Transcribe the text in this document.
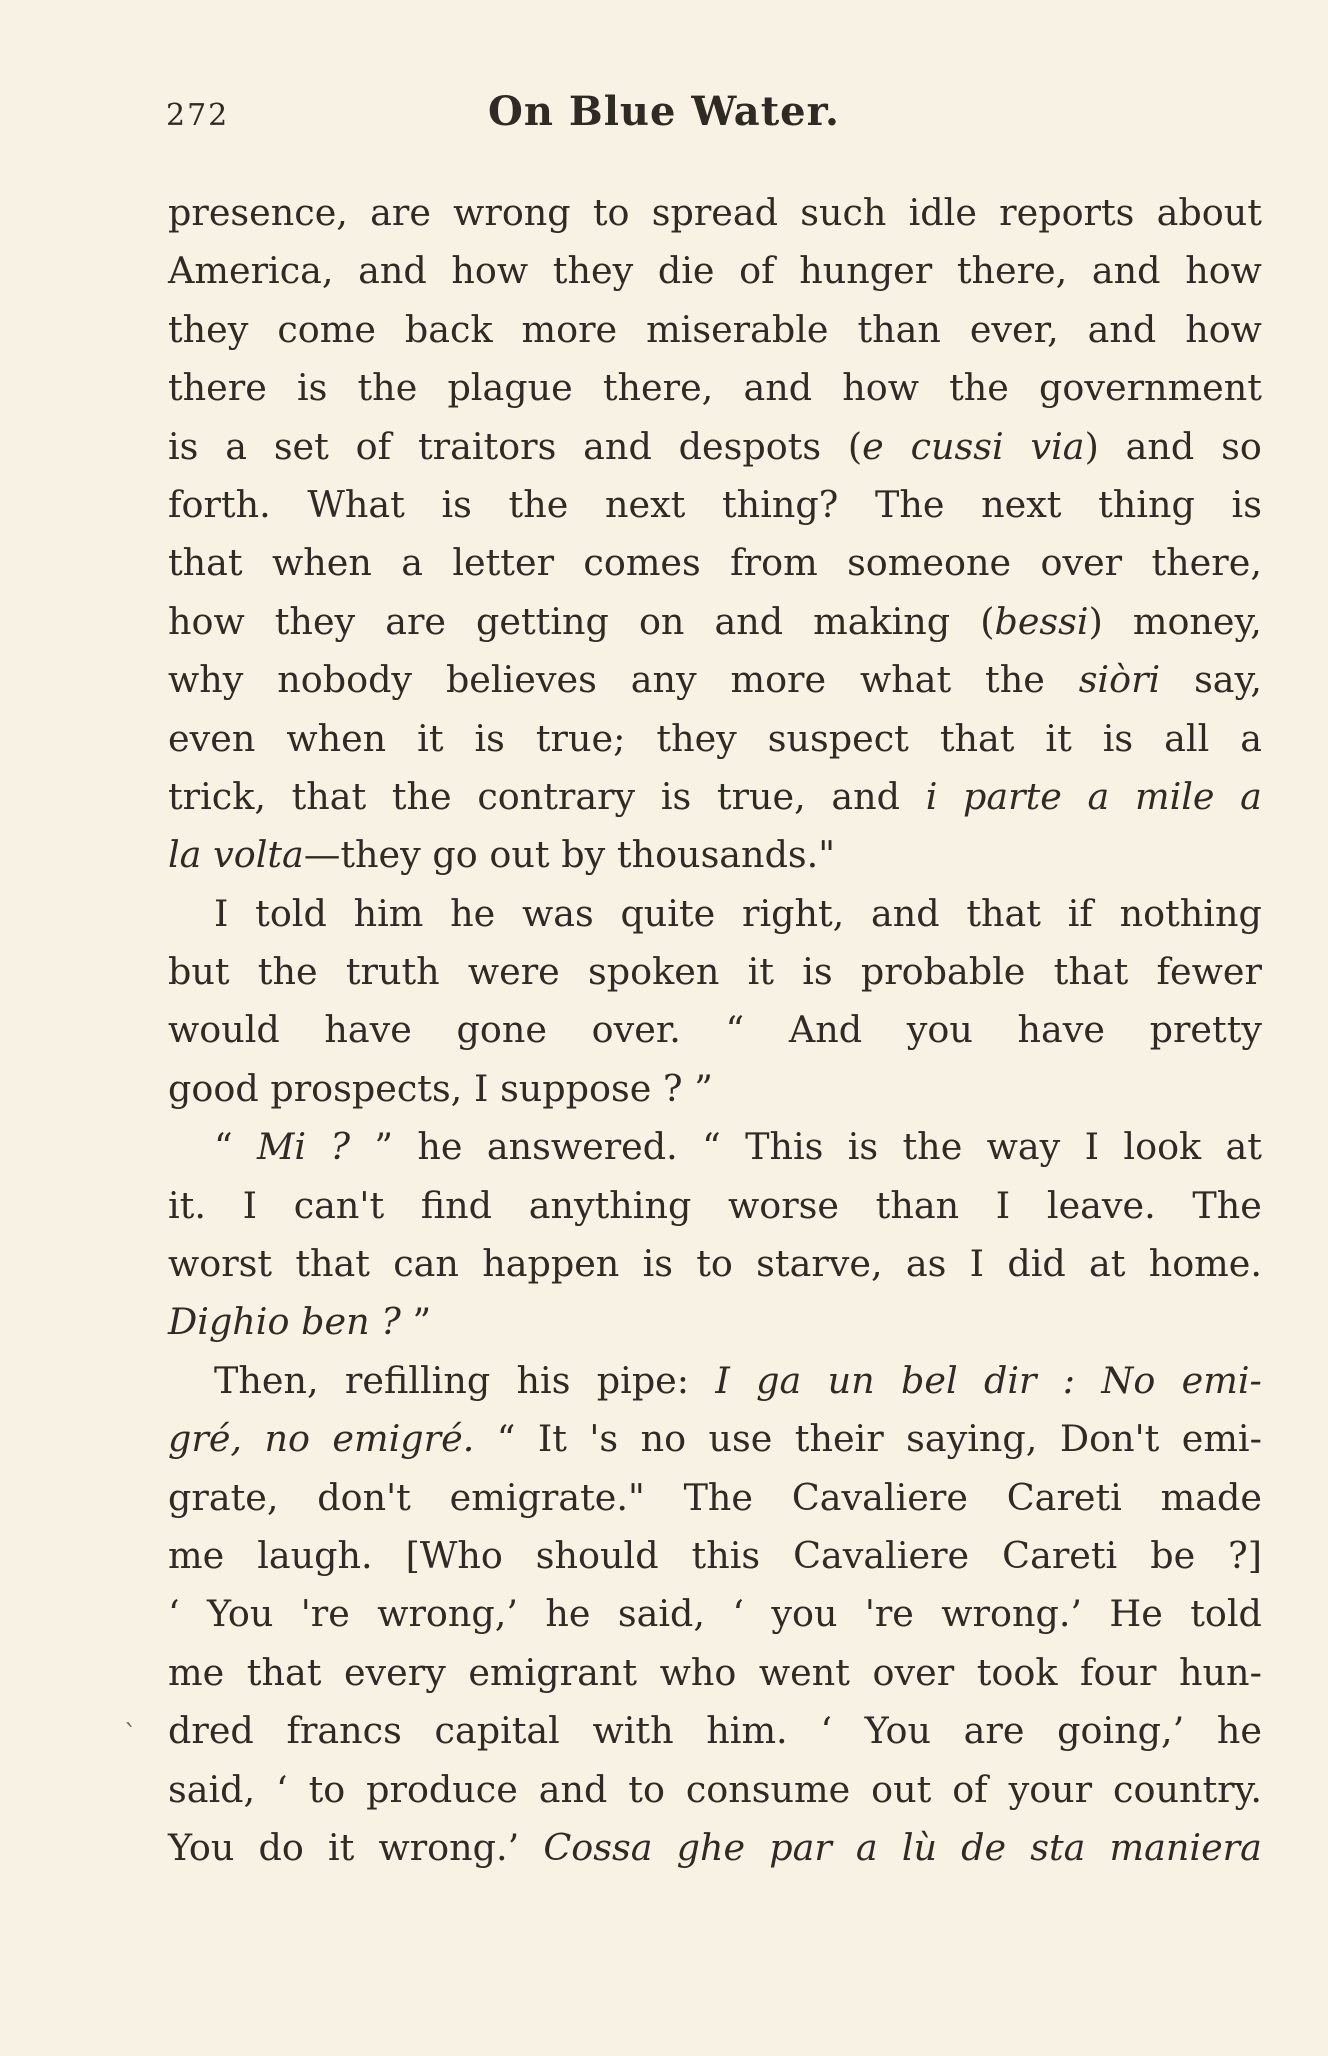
272	On Blue Water.
`
presence, are wrong to spread such idle reports about
America, and how they die of hunger there, and how
they come back more miserable than ever, and how
there is the plague there, and how the government
is a set of traitors and despots (e cussi via) and so
forth. What is the next thing? The next thing is
that when a letter comes from someone over there,
how they are getting on and making (bessi) money,
why nobody believes any more what the siòri say,
even when it is true; they suspect that it is all a
trick, that the contrary is true, and i parte a mile a
la volta—they go out by thousands."
I told him he was quite right, and that if nothing
but the truth were spoken it is probable that fewer
would have gone over. “ And you have pretty
good prospects, I suppose ? ”
“ Mi ? ” he answered. “ This is the way I look at
it. I can't find anything worse than I leave. The
worst that can happen is to starve, as I did at home.
Dighio ben ? ”
Then, refilling his pipe: I ga un bel dir : No emi-
gré, no emigré. “ It 's no use their saying, Don't emi-
grate, don't emigrate." The Cavaliere Careti made
me laugh. [Who should this Cavaliere Careti be ?]
‘ You 're wrong,’ he said, ‘ you 're wrong.’ He told
me that every emigrant who went over took four hun-
dred francs capital with him. ‘ You are going,’ he
said, ‘ to produce and to consume out of your country.
You do it wrong.’ Cossa ghe par a lù de sta maniera
